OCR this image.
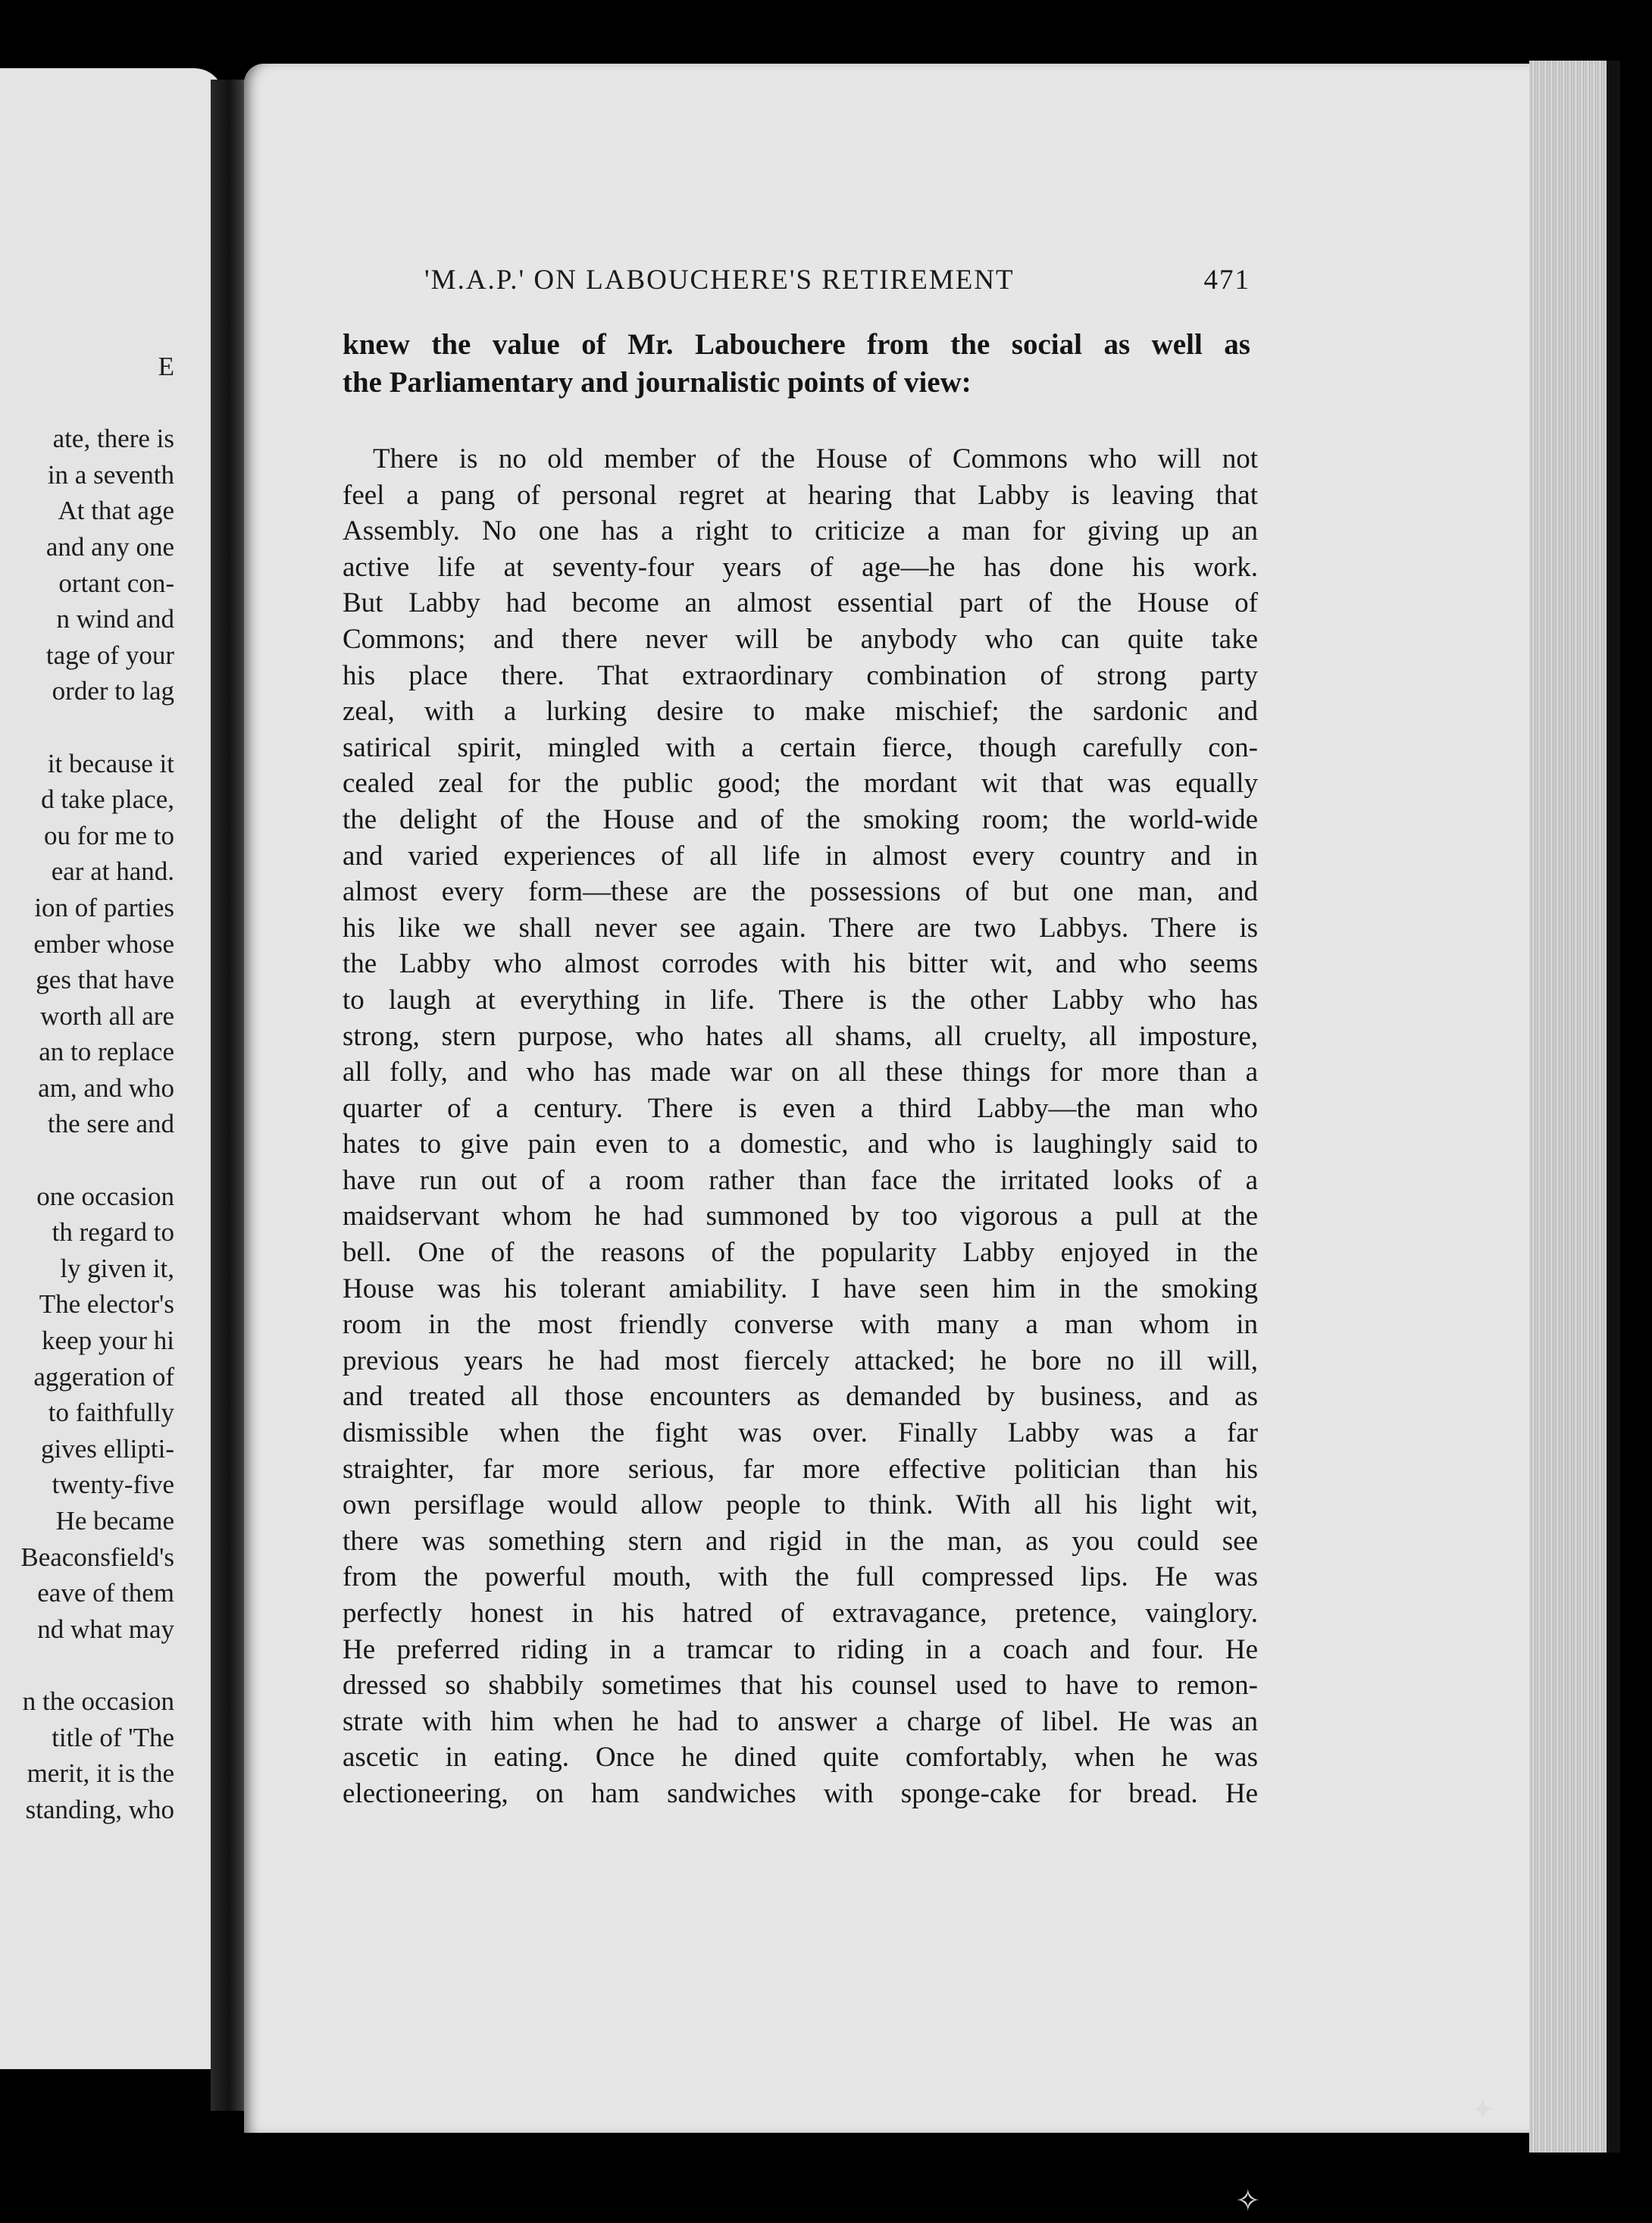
E
ate, there is
in a seventh
At that age
and any one
ortant con-
n wind and
tage of your
order to lag
it because it
d take place,
ou for me to
ear at hand.
ion of parties
ember whose
ges that have
worth all are
an to replace
am, and who
the sere and
one occasion
th regard to
ly given it,
The elector's
keep your hi
aggeration of
to faithfully
gives ellipti-
twenty-five
He became
Beaconsfield's
eave of them
nd what may
n the occasion
title of 'The
merit, it is the
standing, who
'M.A.P.' ON LABOUCHERE'S RETIREMENT	471
knew the value of Mr. Labouchere from the social as well as
the Parliamentary and journalistic points of view:
There is no old member of the House of Commons who will not
feel a pang of personal regret at hearing that Labby is leaving that
Assembly. No one has a right to criticize a man for giving up an
active life at seventy-four years of age—he has done his work.
But Labby had become an almost essential part of the House of
Commons; and there never will be anybody who can quite take
his place there. That extraordinary combination of strong party
zeal, with a lurking desire to make mischief; the sardonic and
satirical spirit, mingled with a certain fierce, though carefully con-
cealed zeal for the public good; the mordant wit that was equally
the delight of the House and of the smoking room; the world-wide
and varied experiences of all life in almost every country and in
almost every form—these are the possessions of but one man, and
his like we shall never see again. There are two Labbys. There is
the Labby who almost corrodes with his bitter wit, and who seems
to laugh at everything in life. There is the other Labby who has
strong, stern purpose, who hates all shams, all cruelty, all imposture,
all folly, and who has made war on all these things for more than a
quarter of a century. There is even a third Labby—the man who
hates to give pain even to a domestic, and who is laughingly said to
have run out of a room rather than face the irritated looks of a
maidservant whom he had summoned by too vigorous a pull at the
bell. One of the reasons of the popularity Labby enjoyed in the
House was his tolerant amiability. I have seen him in the smoking
room in the most friendly converse with many a man whom in
previous years he had most fiercely attacked; he bore no ill will,
and treated all those encounters as demanded by business, and as
dismissible when the fight was over. Finally Labby was a far
straighter, far more serious, far more effective politician than his
own persiflage would allow people to think. With all his light wit,
there was something stern and rigid in the man, as you could see
from the powerful mouth, with the full compressed lips. He was
perfectly honest in his hatred of extravagance, pretence, vainglory.
He preferred riding in a tramcar to riding in a coach and four. He
dressed so shabbily sometimes that his counsel used to have to remon-
strate with him when he had to answer a charge of libel. He was an
ascetic in eating. Once he dined quite comfortably, when he was
electioneering, on ham sandwiches with sponge-cake for bread. He
✦
✧
